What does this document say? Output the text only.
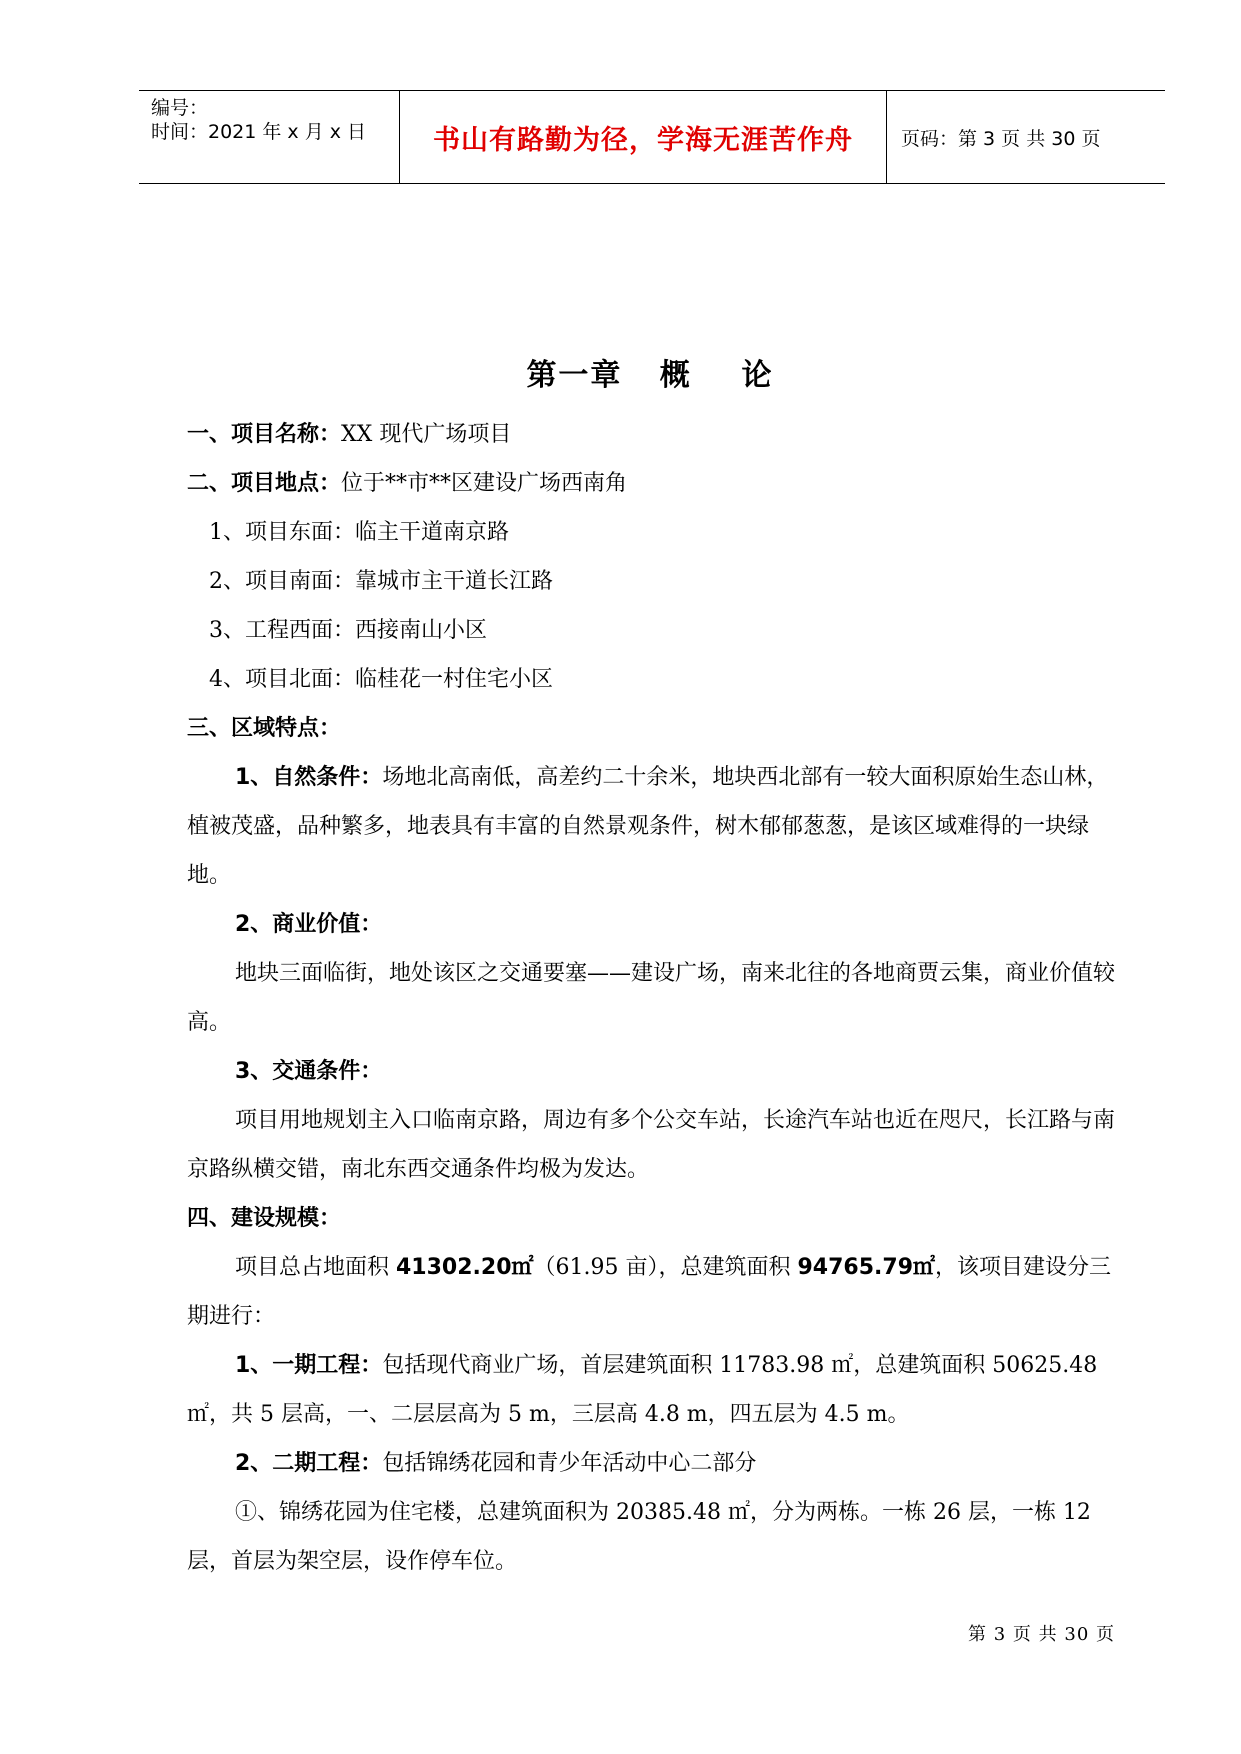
编号：
时间：2021 年 x 月 x 日 书山有路勤为径，学海无涯苦作舟	页码：第 3 页 共 30 页
第一章   概    论

一、项目名称：XX 现代广场项目

二、项目地点：位于**市**区建设广场西南角

1、项目东面：临主干道南京路

2、项目南面：靠城市主干道长江路

3、工程西面：西接南山小区

4、项目北面：临桂花一村住宅小区

三、区域特点：

1、自然条件：场地北高南低，高差约二十余米，地块西北部有一较大面积原始生态山林，植被茂盛，品种繁多，地表具有丰富的自然景观条件，树木郁郁葱葱，是该区域难得的一块绿地。

2、商业价值：

地块三面临街，地处该区之交通要塞——建设广场，南来北往的各地商贾云集，商业价值较高。

3、交通条件：

项目用地规划主入口临南京路，周边有多个公交车站，长途汽车站也近在咫尺，长江路与南京路纵横交错，南北东西交通条件均极为发达。

四、建设规模：

项目总占地面积 41302.20㎡（61.95 亩），总建筑面积 94765.79㎡，该项目建设分三期进行：

1、一期工程：包括现代商业广场，首层建筑面积 11783.98 ㎡，总建筑面积 50625.48 ㎡，共 5 层高，一、二层层高为 5 m，三层高 4.8 m，四五层为 4.5 m。

2、二期工程：包括锦绣花园和青少年活动中心二部分

①、锦绣花园为住宅楼，总建筑面积为 20385.48 ㎡，分为两栋。一栋 26 层，一栋 12 层，首层为架空层，设作停车位。

第 3 页 共 30 页
